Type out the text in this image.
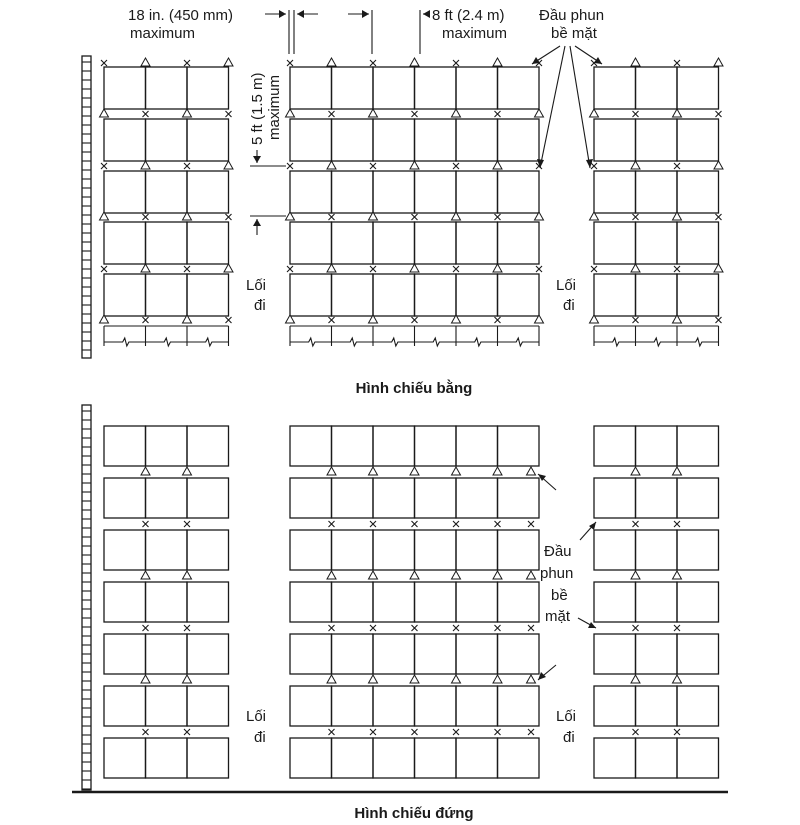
18 in. (450 mm)
maximum
8 ft (2.4 m)
maximum
5 ft (1.5 m) maximum
Đầu phun
bề mặt
Lối
đi
Lối
đi
Hình chiếu bằng
Đầu
phun
bề
mặt
Lối
đi
Lối
đi
Hình chiếu đứng
